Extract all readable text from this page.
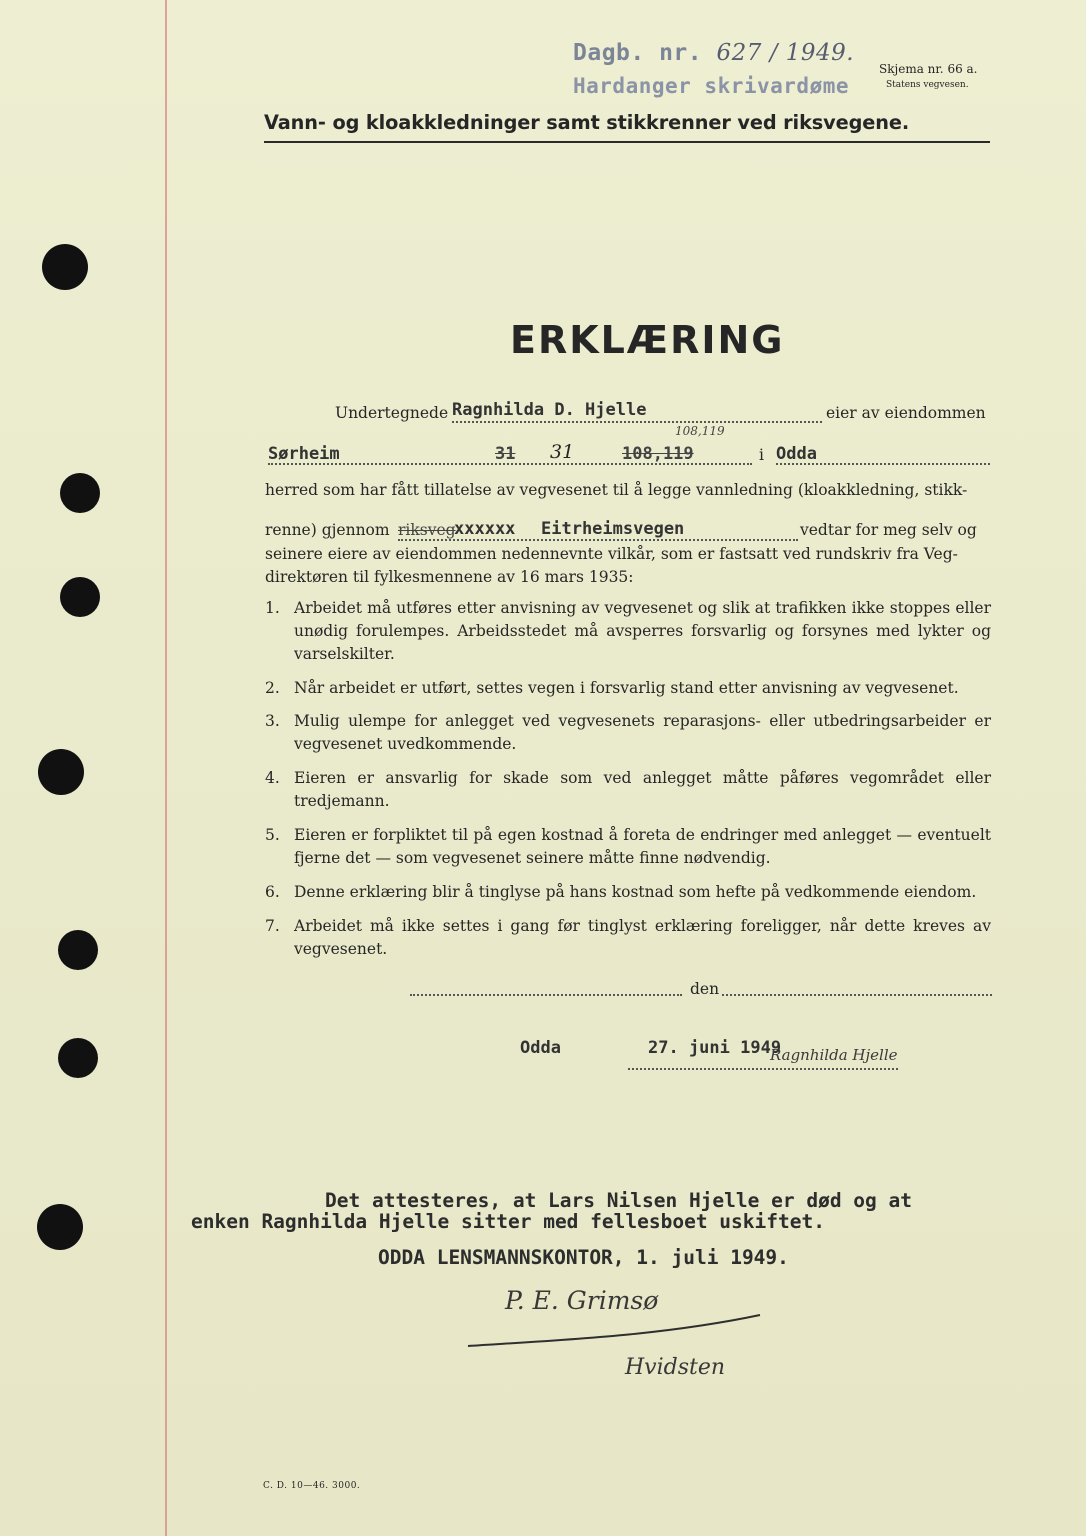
Dagb. nr. 627 / 1949.
Hardanger skrivardøme
Skjema nr. 66 a.
Statens vegvesen.
Vann- og kloakkledninger samt stikkrenner ved riksvegene.
ERKLÆRING
Undertegnede Ragnhilda D. Hjelle	eier av eiendommen
Sørheim	31 31	108,119
108,119
i Odda
herred som har fått tillatelse av vegvesenet til å legge vannledning (kloakkledning, stikk-
renne) gjennom riksveg
xxxxxx Eitrheimsvegen	vedtar for meg selv og
seinere eiere av eiendommen nedennevnte vilkår, som er fastsatt ved rundskriv fra Veg-
direktøren til fylkesmennene av 16 mars 1935:
1. Arbeidet må utføres etter anvisning av vegvesenet og slik at trafikken ikke stoppes eller unødig forulempes. Arbeidsstedet må avsperres forsvarlig og forsynes med lykter og varselskilter.
2. Når arbeidet er utført, settes vegen i forsvarlig stand etter anvisning av vegvesenet.
3. Mulig ulempe for anlegget ved vegvesenets reparasjons- eller utbedringsarbeider er vegvesenet uvedkommende.
4. Eieren er ansvarlig for skade som ved anlegget måtte påføres vegområdet eller tredjemann.
5. Eieren er forpliktet til på egen kostnad å foreta de endringer med anlegget — eventuelt fjerne det — som vegvesenet seinere måtte finne nødvendig.
6. Denne erklæring blir å tinglyse på hans kostnad som hefte på vedkommende eiendom.
7. Arbeidet må ikke settes i gang før tinglyst erklæring foreligger, når dette kreves av vegvesenet.
den
Odda	27. juni 1949
Ragnhilda Hjelle
Det attesteres, at Lars Nilsen Hjelle er død og at
enken Ragnhilda Hjelle sitter med fellesboet uskiftet.
ODDA LENSMANNSKONTOR, 1. juli 1949.
P. E. Grimsø
Hvidsten
C. D. 10—46. 3000.
